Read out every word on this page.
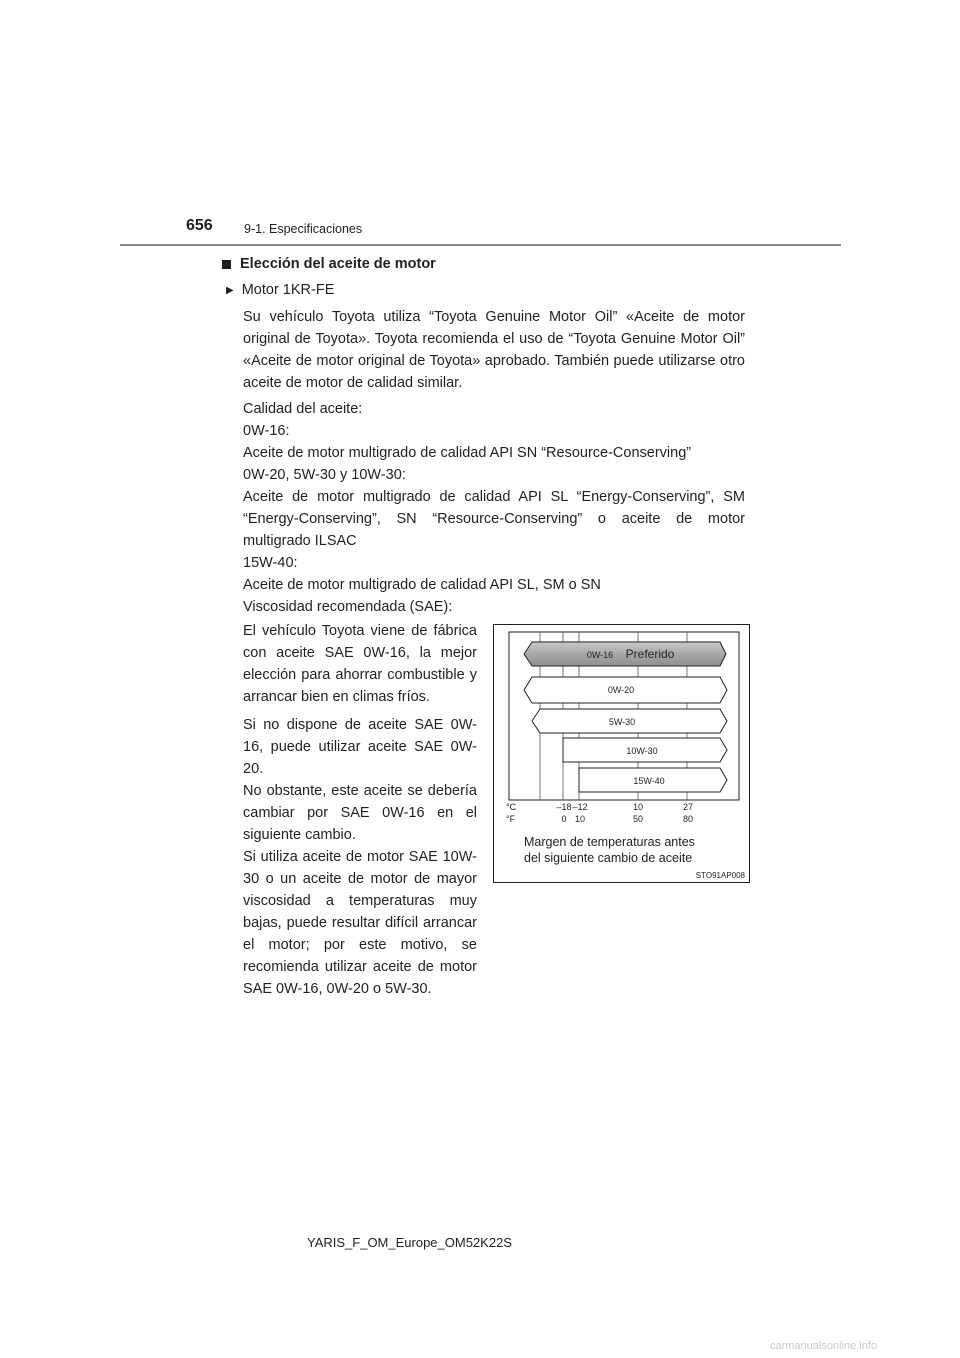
656	9-1. Especificaciones
Elección del aceite de motor
▶ Motor 1KR-FE

Su vehículo Toyota utiliza “Toyota Genuine Motor Oil” «Aceite de motor original de Toyota». Toyota recomienda el uso de “Toyota Genuine Motor Oil” «Aceite de motor original de Toyota» aprobado. También puede utilizarse otro aceite de motor de calidad similar.

Calidad del aceite:

0W-16:

Aceite de motor multigrado de calidad API SN “Resource-Conserving”

0W-20, 5W-30 y 10W-30:

Aceite de motor multigrado de calidad API SL “Energy-Conserving”, SM “Energy-Conserving”, SN “Resource-Conserving” o aceite de motor multigrado ILSAC

15W-40:

Aceite de motor multigrado de calidad API SL, SM o SN

Viscosidad recomendada (SAE):

El vehículo Toyota viene de fábrica con aceite SAE 0W-16, la mejor elección para ahorrar combustible y arrancar bien en climas fríos.

Si no dispone de aceite SAE 0W-16, puede utilizar aceite SAE 0W-20.

No obstante, este aceite se debería cambiar por SAE 0W-16 en el siguiente cambio.

Si utiliza aceite de motor SAE 10W-30 o un aceite de motor de mayor viscosidad a temperaturas muy bajas, puede resultar difícil arrancar el motor; por este motivo, se recomienda utilizar aceite de motor SAE 0W-16, 0W-20 o 5W-30.

0W-16 Preferido
0W-20
5W-30
10W-30
15W-40
°C
°F
–18 –12	10	27
0 10	50	80
Margen de temperaturas antes
del siguiente cambio de aceite
STO91AP008
YARIS_F_OM_Europe_OM52K22S
carmanualsonline.info
